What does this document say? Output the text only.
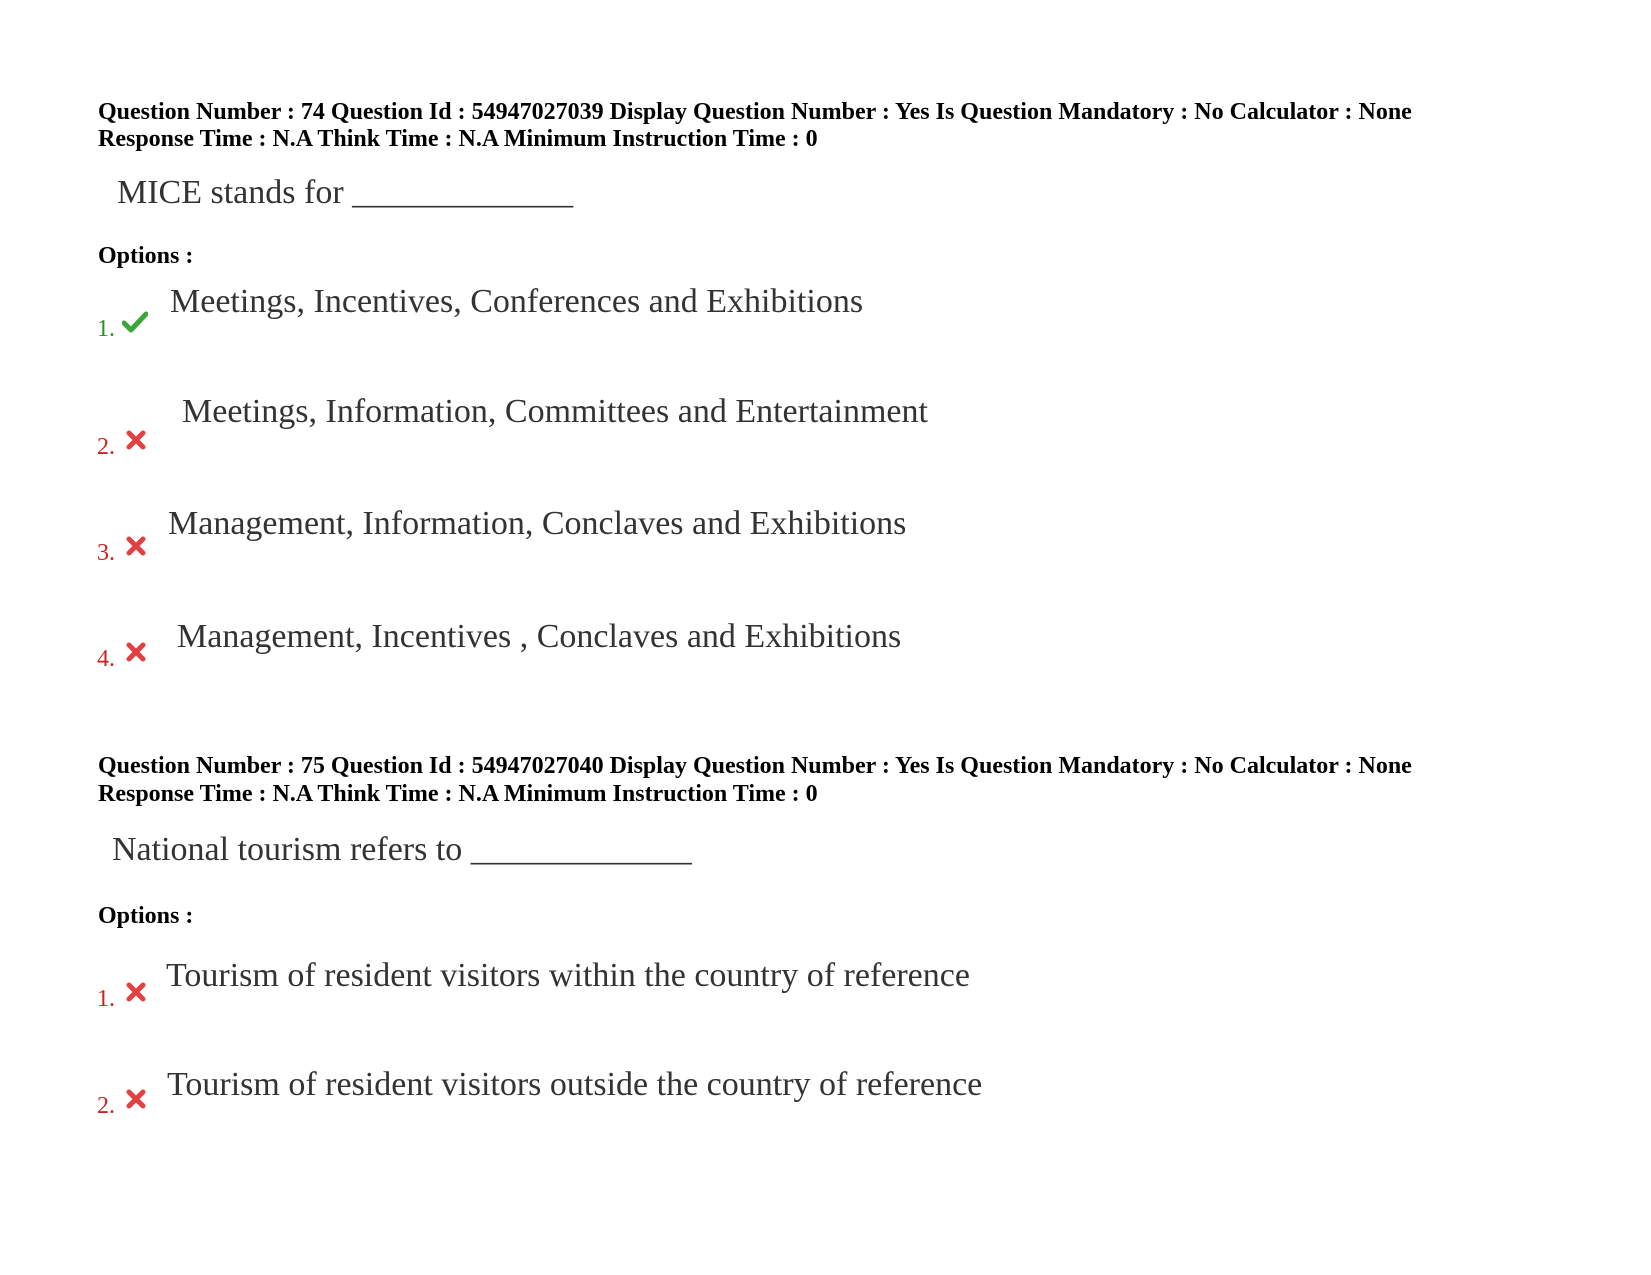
Question Number : 74 Question Id : 54947027039 Display Question Number : Yes Is Question Mandatory : No Calculator : None
Response Time : N.A Think Time : N.A Minimum Instruction Time : 0
MICE stands for _____________
Options :
1.
Meetings, Incentives, Conferences and Exhibitions
2.
Meetings, Information, Committees and Entertainment
3.
Management, Information, Conclaves and Exhibitions
4.
Management, Incentives , Conclaves and Exhibitions
Question Number : 75 Question Id : 54947027040 Display Question Number : Yes Is Question Mandatory : No Calculator : None
Response Time : N.A Think Time : N.A Minimum Instruction Time : 0
National tourism refers to _____________
Options :
1.
Tourism of resident visitors within the country of reference
2.
Tourism of resident visitors outside the country of reference
